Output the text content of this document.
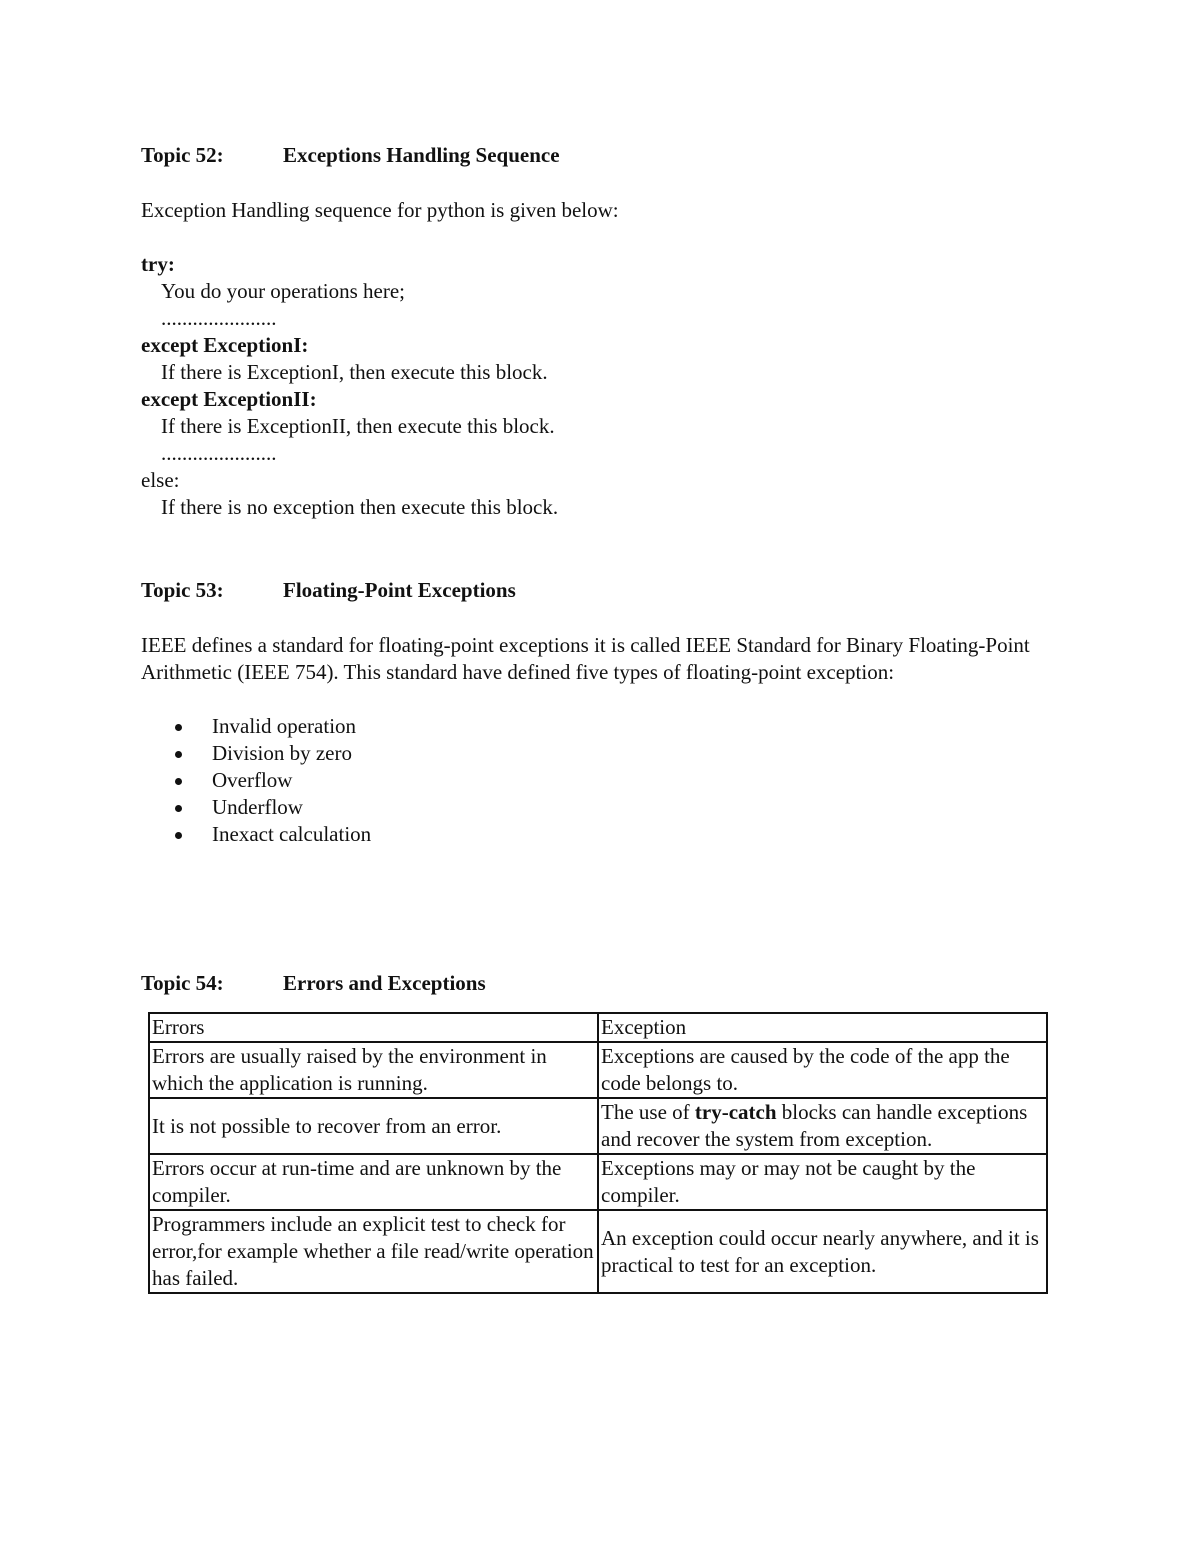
Topic 52:	Exceptions Handling Sequence

Exception Handling sequence for python is given below:

try:
You do your operations here;
......................
except ExceptionI:
If there is ExceptionI, then execute this block.
except ExceptionII:
If there is ExceptionII, then execute this block.
......................
else:
If there is no exception then execute this block.
Topic 53:	Floating-Point Exceptions

IEEE defines a standard for floating-point exceptions it is called IEEE Standard for Binary Floating-Point Arithmetic (IEEE 754). This standard have defined five types of floating-point exception:

Invalid operation
Division by zero
Overflow
Underflow
Inexact calculation
Topic 54:	Errors and Exceptions
Errors	Exception
Errors are usually raised by the environment in which the application is running.	Exceptions are caused by the code of the app the code belongs to.
It is not possible to recover from an error.	The use of try-catch blocks can handle exceptions and recover the system from exception.
Errors occur at run-time and are unknown by the compiler.	Exceptions may or may not be caught by the compiler.
Programmers include an explicit test to check for error,for example whether a file read/write operation has failed.	An exception could occur nearly anywhere, and it is practical to test for an exception.
